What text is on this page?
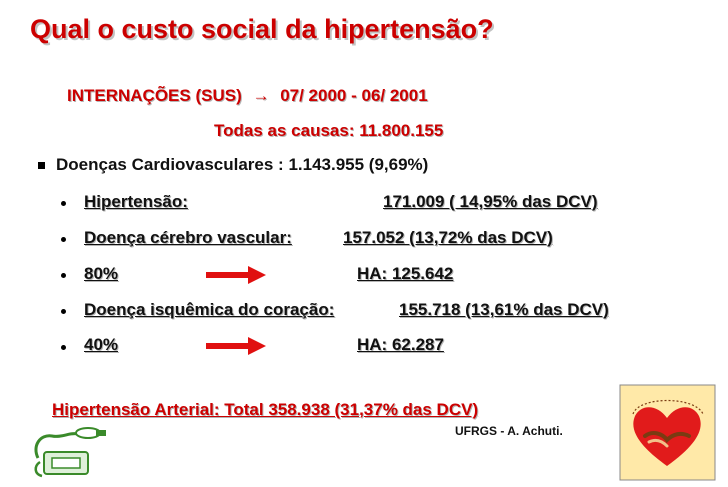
Qual o custo social da hipertensão?
INTERNAÇÕES (SUS) → 07/ 2000 - 06/ 2001
Todas as causas: 11.800.155
Doenças Cardiovasculares : 1.143.955 (9,69%)
Hipertensão:	171.009 ( 14,95% das DCV)
Doença cérebro vascular:	157.052 (13,72% das DCV)
80%	HA: 125.642
Doença isquêmica do coração:	155.718 (13,61% das DCV)
40%	HA: 62.287
Hipertensão Arterial: Total 358.938 (31,37% das DCV)
UFRGS - A. Achuti.
